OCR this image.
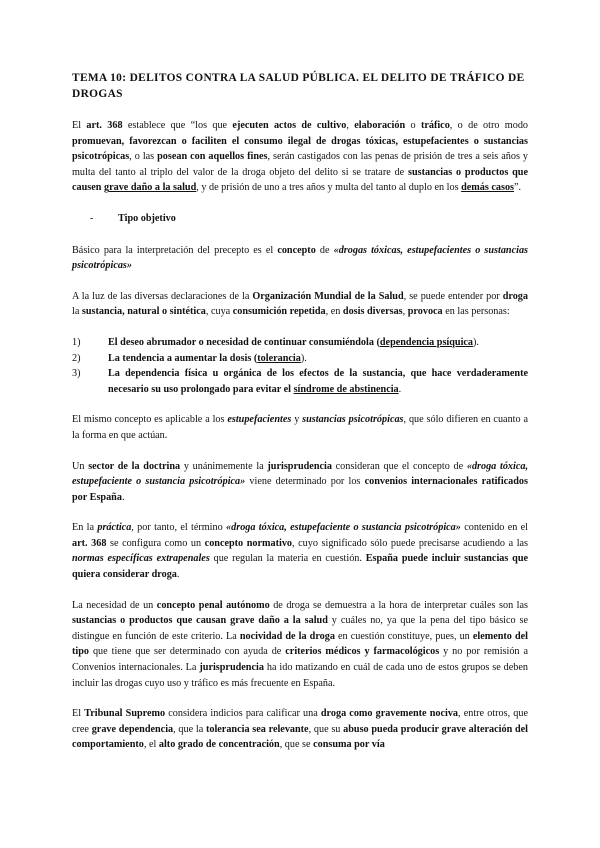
TEMA 10: DELITOS CONTRA LA SALUD PÚBLICA. EL DELITO DE TRÁFICO DE DROGAS

El art. 368 establece que “los que ejecuten actos de cultivo, elaboración o tráfico, o de otro modo promuevan, favorezcan o faciliten el consumo ilegal de drogas tóxicas, estupefacientes o sustancias psicotrópicas, o las posean con aquellos fines, serán castigados con las penas de prisión de tres a seis años y multa del tanto al triplo del valor de la droga objeto del delito si se tratare de sustancias o productos que causen grave daño a la salud, y de prisión de uno a tres años y multa del tanto al duplo en los demás casos”.

-	Tipo objetivo

Básico para la interpretación del precepto es el concepto de «drogas tóxicas, estupefacientes o sustancias psicotrópicas»

A la luz de las diversas declaraciones de la Organización Mundial de la Salud, se puede entender por droga la sustancia, natural o sintética, cuya consumición repetida, en dosis diversas, provoca en las personas:

1)	El deseo abrumador o necesidad de continuar consumiéndola (dependencia psíquica).
2)	La tendencia a aumentar la dosis (tolerancia).
3)	La dependencia física u orgánica de los efectos de la sustancia, que hace verdaderamente necesario su uso prolongado para evitar el síndrome de abstinencia.

El mismo concepto es aplicable a los estupefacientes y sustancias psicotrópicas, que sólo difieren en cuanto a la forma en que actúan.

Un sector de la doctrina y unánimemente la jurisprudencia consideran que el concepto de «droga tóxica, estupefaciente o sustancia psicotrópica» viene determinado por los convenios internacionales ratificados por España.

En la práctica, por tanto, el término «droga tóxica, estupefaciente o sustancia psicotrópica» contenido en el art. 368 se configura como un concepto normativo, cuyo significado sólo puede precisarse acudiendo a las normas específicas extrapenales que regulan la materia en cuestión. España puede incluir sustancias que quiera considerar droga.

La necesidad de un concepto penal autónomo de droga se demuestra a la hora de interpretar cuáles son las sustancias o productos que causan grave daño a la salud y cuáles no, ya que la pena del tipo básico se distingue en función de este criterio. La nocividad de la droga en cuestión constituye, pues, un elemento del tipo que tiene que ser determinado con ayuda de criterios médicos y farmacológicos y no por remisión a Convenios internacionales. La jurisprudencia ha ido matizando en cuál de cada uno de estos grupos se deben incluir las drogas cuyo uso y tráfico es más frecuente en España.

El Tribunal Supremo considera indicios para calificar una droga como gravemente nociva, entre otros, que cree grave dependencia, que la tolerancia sea relevante, que su abuso pueda producir grave alteración del comportamiento, el alto grado de concentración, que se consuma por vía
